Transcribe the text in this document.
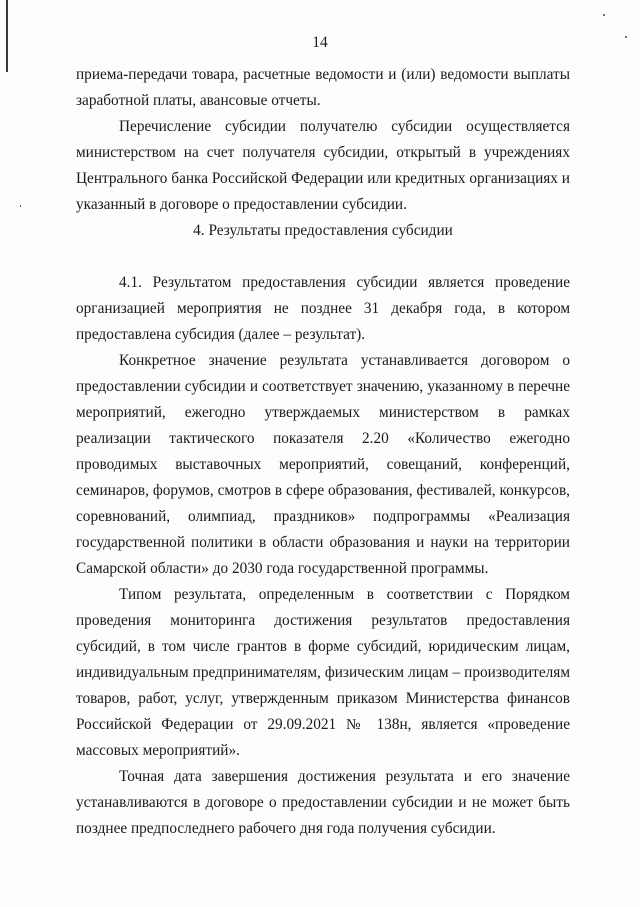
14

приема-передачи товара, расчетные ведомости и (или) ведомости выплаты заработной платы, авансовые отчеты.

Перечисление субсидии получателю субсидии осуществляется министерством на счет получателя субсидии, открытый в учреждениях Центрального банка Российской Федерации или кредитных организациях и указанный в договоре о предоставлении субсидии.

4. Результаты предоставления субсидии

4.1. Результатом предоставления субсидии является проведение организацией мероприятия не позднее 31 декабря года, в котором предоставлена субсидия (далее – результат).

Конкретное значение результата устанавливается договором о предоставлении субсидии и соответствует значению, указанному в перечне мероприятий, ежегодно утверждаемых министерством в рамках реализации тактического показателя 2.20 «Количество ежегодно проводимых выставочных мероприятий, совещаний, конференций, семинаров, форумов, смотров в сфере образования, фестивалей, конкурсов, соревнований, олимпиад, праздников» подпрограммы «Реализация государственной политики в области образования и науки на территории Самарской области» до 2030 года государственной программы.

Типом результата, определенным в соответствии с Порядком проведения мониторинга достижения результатов предоставления субсидий, в том числе грантов в форме субсидий, юридическим лицам, индивидуальным предпринимателям, физическим лицам – производителям товаров, работ, услуг, утвержденным приказом Министерства финансов Российской Федерации от 29.09.2021 № 138н, является «проведение массовых мероприятий».

Точная дата завершения достижения результата и его значение устанавливаются в договоре о предоставлении субсидии и не может быть позднее предпоследнего рабочего дня года получения субсидии.
